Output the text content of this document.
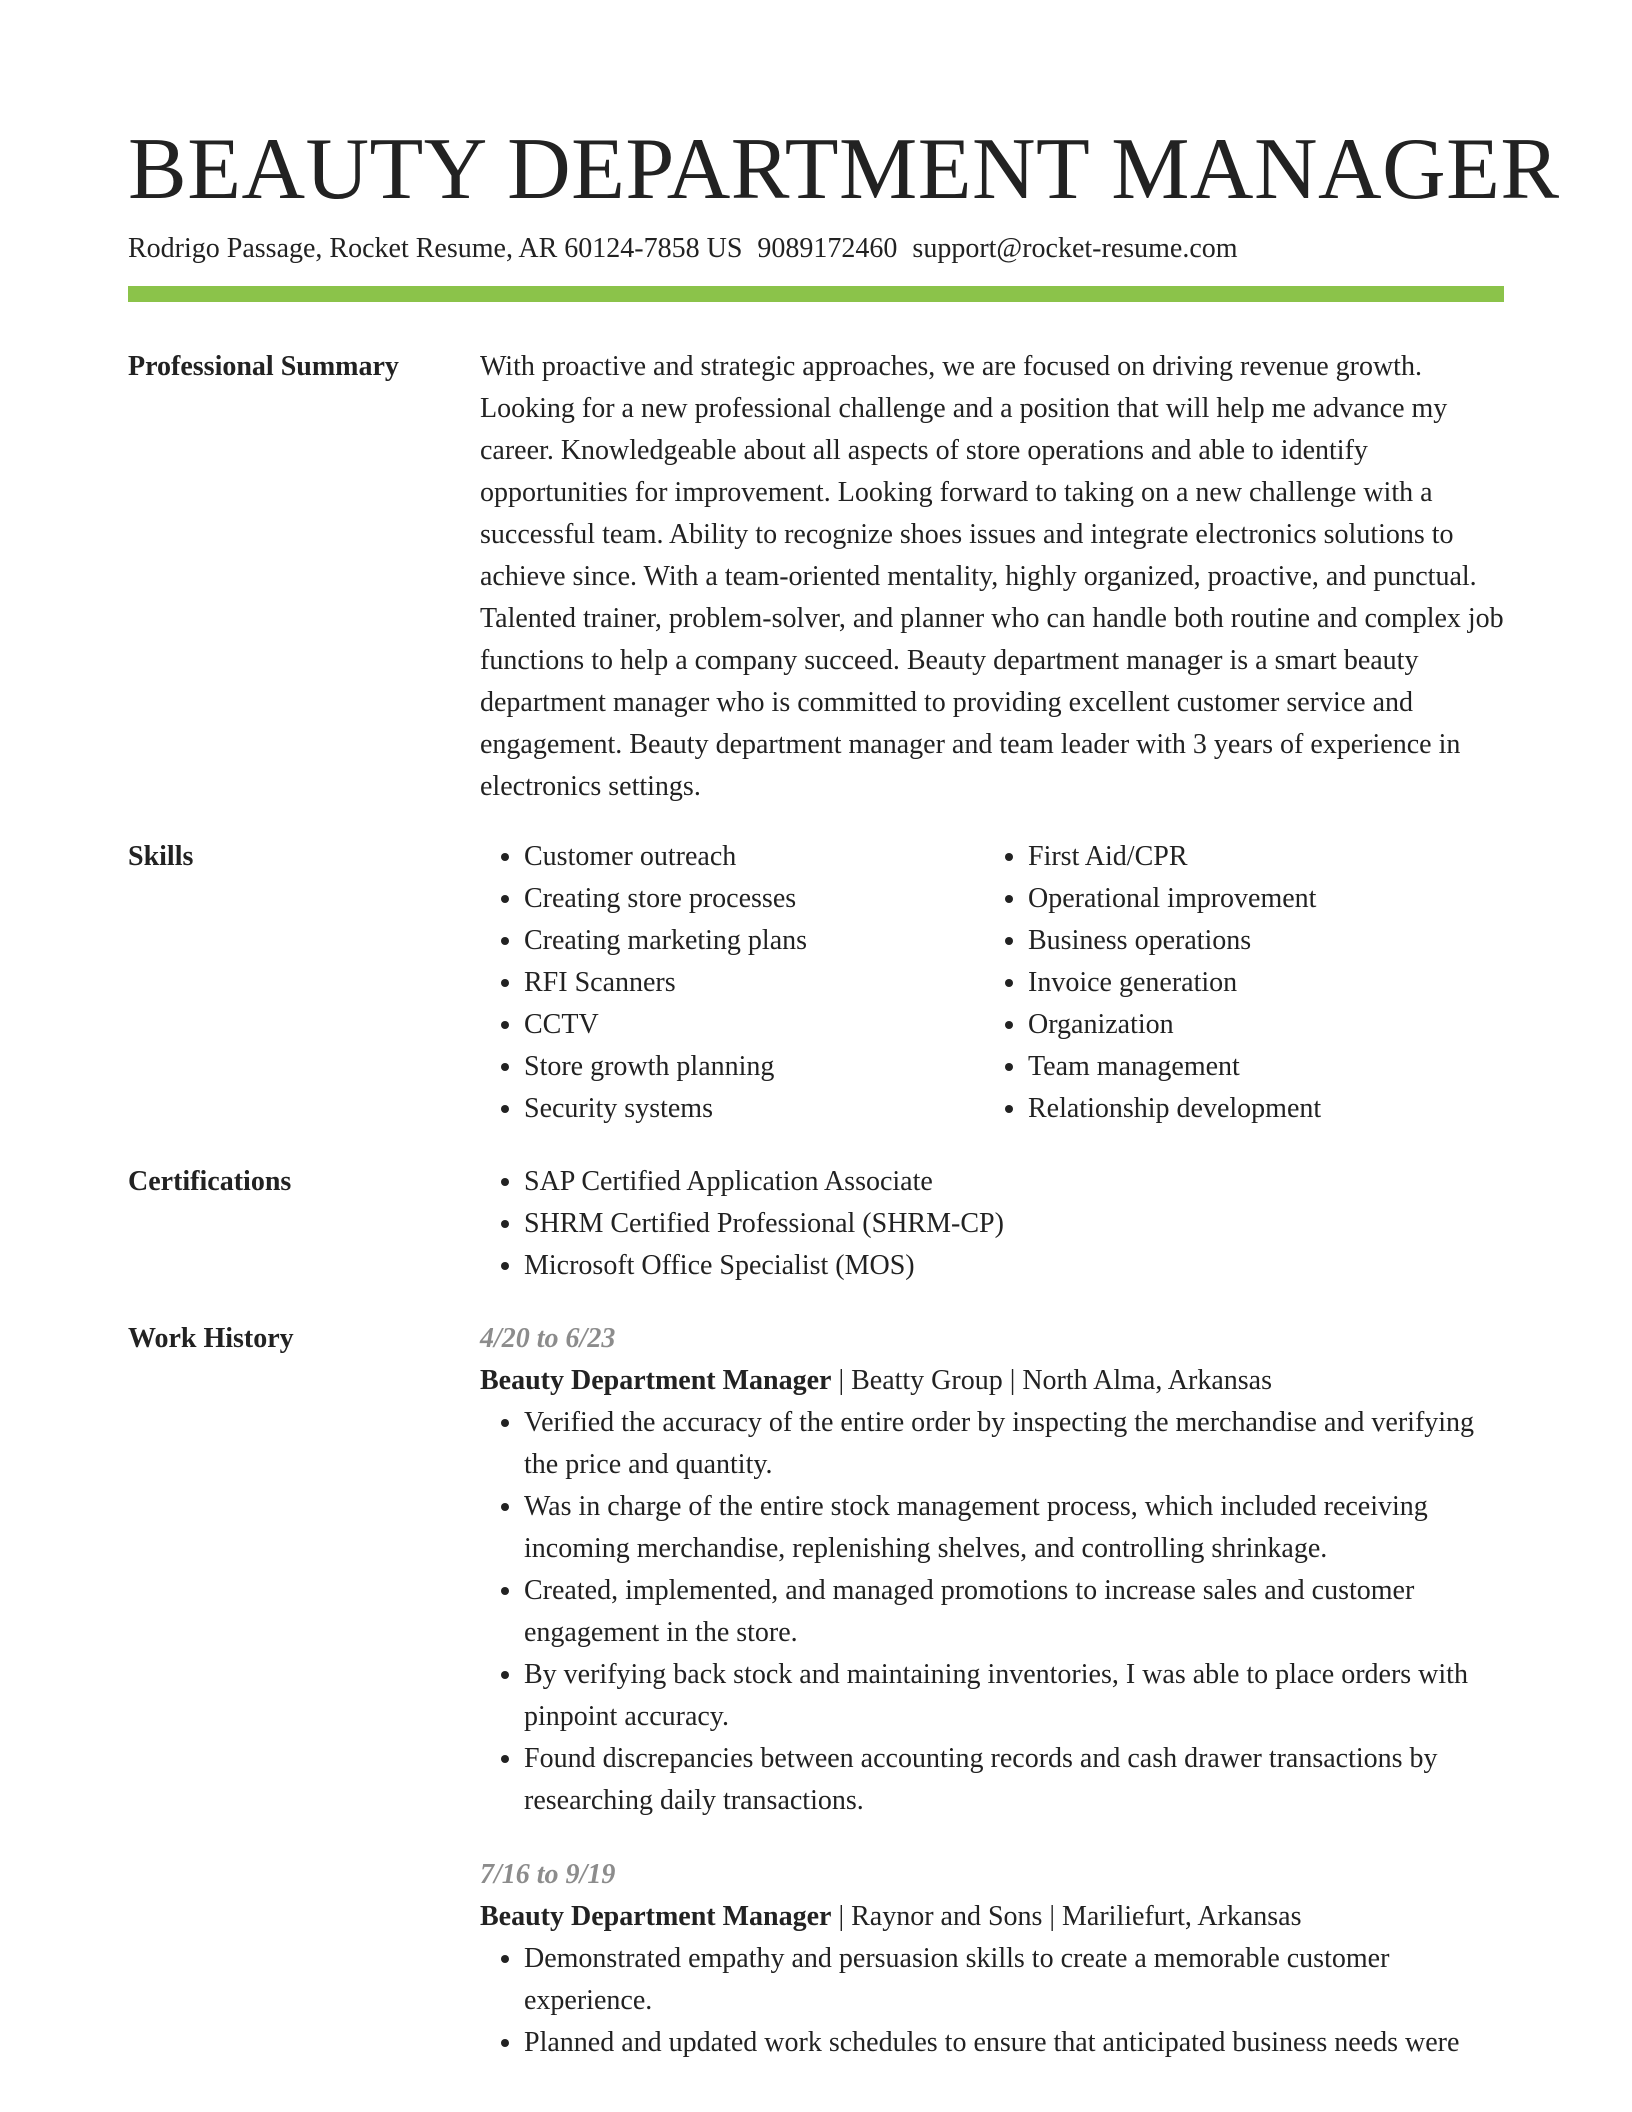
BEAUTY DEPARTMENT MANAGER
Rodrigo Passage, Rocket Resume, AR 60124-7858 US 9089172460 support@rocket-resume.com
Professional Summary	With proactive and strategic approaches, we are focused on driving revenue growth. Looking for a new professional challenge and a position that will help me advance my career. Knowledgeable about all aspects of store operations and able to identify opportunities for improvement. Looking forward to taking on a new challenge with a successful team. Ability to recognize shoes issues and integrate electronics solutions to achieve since. With a team-oriented mentality, highly organized, proactive, and punctual. Talented trainer, problem-solver, and planner who can handle both routine and complex job functions to help a company succeed. Beauty department manager is a smart beauty department manager who is committed to providing excellent customer service and engagement. Beauty department manager and team leader with 3 years of experience in electronics settings.

Skills	• Customer outreach
• Creating store processes
• Creating marketing plans
• RFI Scanners
• CCTV
• Store growth planning
• Security systems
• First Aid/CPR
• Operational improvement
• Business operations
• Invoice generation
• Organization
• Team management
• Relationship development
Certifications	• SAP Certified Application Associate
• SHRM Certified Professional (SHRM-CP)
• Microsoft Office Specialist (MOS)
Work History	4/20 to 6/23
Beauty Department Manager | Beatty Group | North Alma, Arkansas
• Verified the accuracy of the entire order by inspecting the merchandise and verifying the price and quantity.
• Was in charge of the entire stock management process, which included receiving incoming merchandise, replenishing shelves, and controlling shrinkage.
• Created, implemented, and managed promotions to increase sales and customer engagement in the store.
• By verifying back stock and maintaining inventories, I was able to place orders with pinpoint accuracy.
• Found discrepancies between accounting records and cash drawer transactions by researching daily transactions.
7/16 to 9/19
Beauty Department Manager | Raynor and Sons | Mariliefurt, Arkansas
• Demonstrated empathy and persuasion skills to create a memorable customer experience.
• Planned and updated work schedules to ensure that anticipated business needs were
